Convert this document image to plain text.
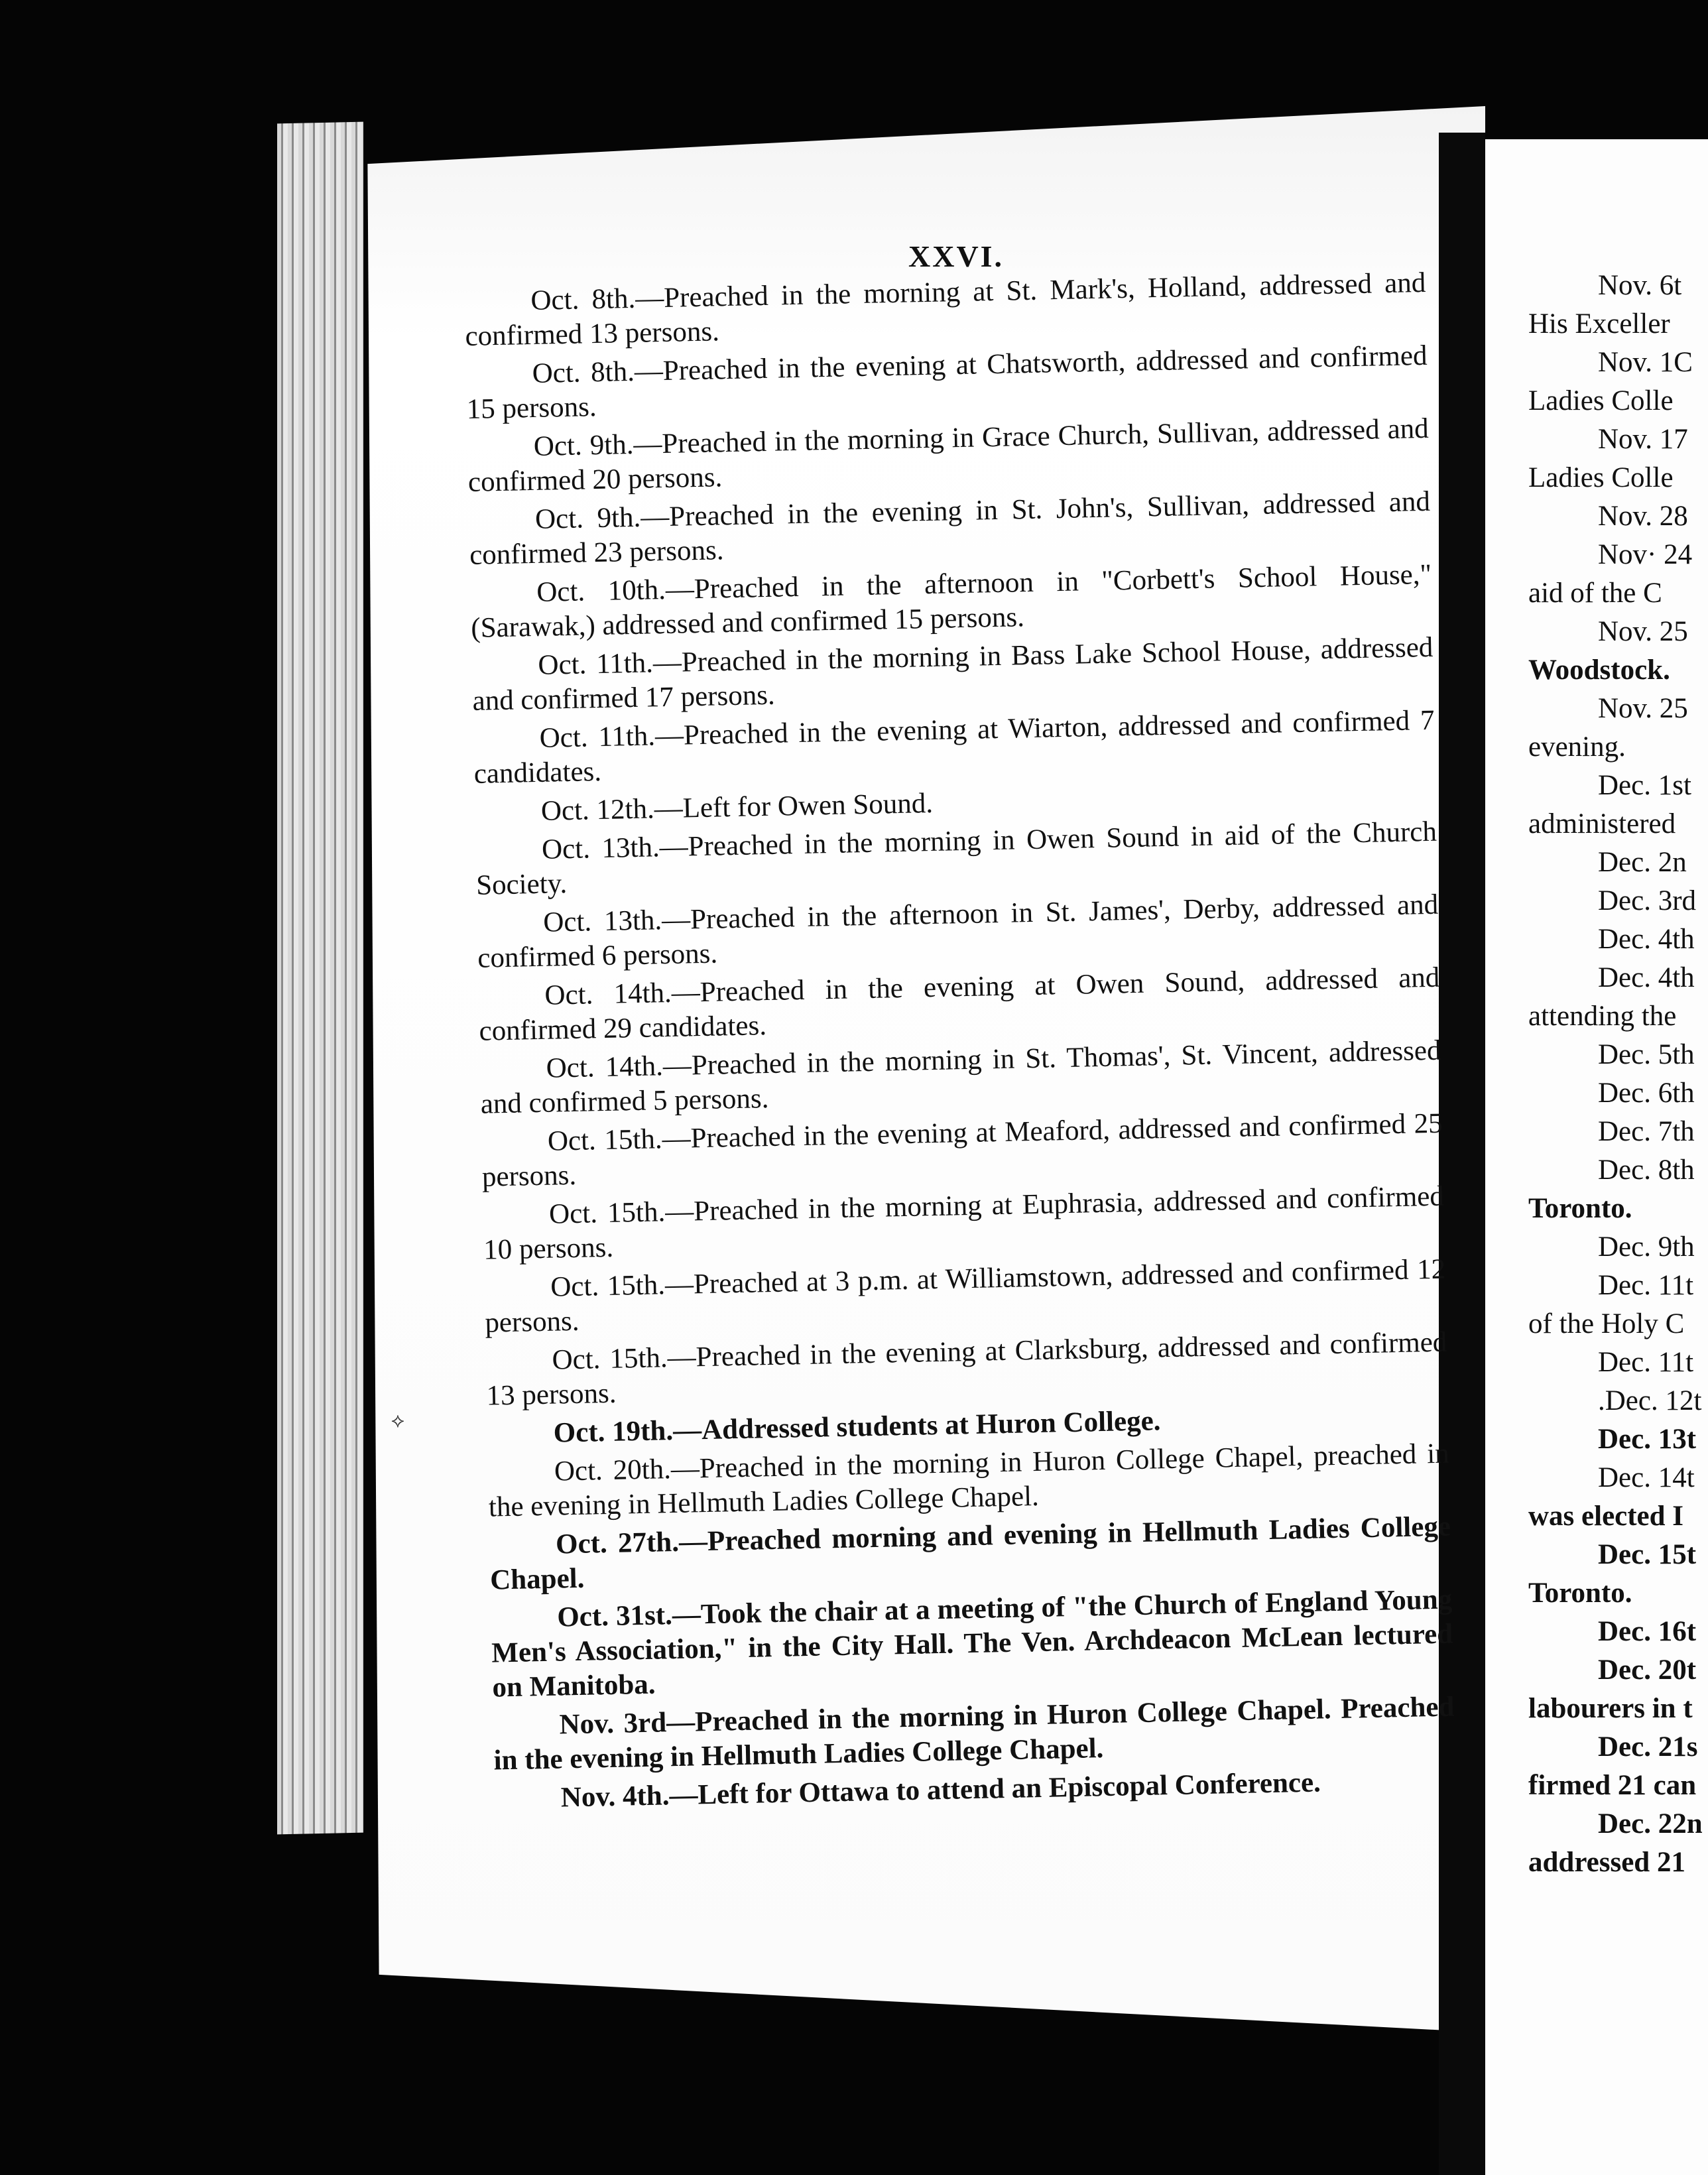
XXVI.

Oct. 8th.—Preached in the morning at St. Mark's, Holland, addressed and confirmed 13 persons.

Oct. 8th.—Preached in the evening at Chatsworth, addressed and confirmed 15 persons.

Oct. 9th.—Preached in the morning in Grace Church, Sullivan, addressed and confirmed 20 persons.

Oct. 9th.—Preached in the evening in St. John's, Sullivan, addressed and confirmed 23 persons.

Oct. 10th.—Preached in the afternoon in "Corbett's School House," (Sarawak,) addressed and confirmed 15 persons.

Oct. 11th.—Preached in the morning in Bass Lake School House, addressed and confirmed 17 persons.

Oct. 11th.—Preached in the evening at Wiarton, addressed and confirmed 7 candidates.

Oct. 12th.—Left for Owen Sound.

Oct. 13th.—Preached in the morning in Owen Sound in aid of the Church Society.

Oct. 13th.—Preached in the afternoon in St. James', Derby, addressed and confirmed 6 persons.

Oct. 14th.—Preached in the evening at Owen Sound, addressed and confirmed 29 candidates.

Oct. 14th.—Preached in the morning in St. Thomas', St. Vincent, addressed and confirmed 5 persons.

Oct. 15th.—Preached in the evening at Meaford, addressed and confirmed 25 persons.

Oct. 15th.—Preached in the morning at Euphrasia, addressed and confirmed 10 persons.

Oct. 15th.—Preached at 3 p.m. at Williamstown, addressed and confirmed 12 persons.

Oct. 15th.—Preached in the evening at Clarksburg, addressed and confirmed 13 persons.

Oct. 19th.—Addressed students at Huron College.

Oct. 20th.—Preached in the morning in Huron College Chapel, preached in the evening in Hellmuth Ladies College Chapel.

Oct. 27th.—Preached morning and evening in Hellmuth Ladies College Chapel.

Oct. 31st.—Took the chair at a meeting of "the Church of England Young Men's Association," in the City Hall. The Ven. Archdeacon McLean lectured on Manitoba.

Nov. 3rd—Preached in the morning in Huron College Chapel. Preached in the evening in Hellmuth Ladies College Chapel.

Nov. 4th.—Left for Ottawa to attend an Episcopal Conference.

Nov. 6t
His Exceller
Nov. 1C
Ladies Colle
Nov. 17
Ladies Colle
Nov. 28
Nov· 24
aid of the C
Nov. 25
Woodstock.
Nov. 25
evening.
Dec. 1st
administered
Dec. 2n
Dec. 3rd
Dec. 4th
Dec. 4th
attending the
Dec. 5th
Dec. 6th
Dec. 7th
Dec. 8th
Toronto.
Dec. 9th
Dec. 11t
of the Holy C
Dec. 11t
.Dec. 12t
Dec. 13t
Dec. 14t
was elected I
Dec. 15t
Toronto.
Dec. 16t
Dec. 20t
labourers in t
Dec. 21s
firmed 21 can
Dec. 22n
addressed 21
⟡
